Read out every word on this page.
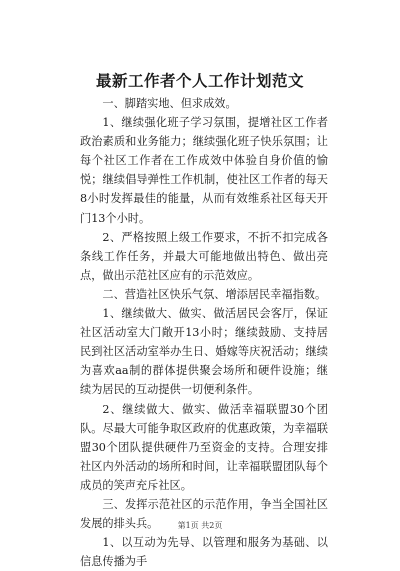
最新工作者个人工作计划范文

一、脚踏实地、但求成效。

1、继续强化班子学习氛围，提增社区工作者政治素质和业务能力；继续强化班子快乐氛围；让每个社区工作者在工作成效中体验自身价值的愉悦；继续倡导弹性工作机制，使社区工作者的每天8小时发挥最佳的能量，从而有效维系社区每天开门13个小时。

2、严格按照上级工作要求，不折不扣完成各条线工作任务，并最大可能地做出特色、做出亮点，做出示范社区应有的示范效应。

二、营造社区快乐气氛、增添居民幸福指数。

1、继续做大、做实、做活居民会客厅，保证社区活动室大门敞开13小时；继续鼓励、支持居民到社区活动室举办生日、婚嫁等庆祝活动；继续为喜欢aa制的群体提供聚会场所和硬件设施；继续为居民的互动提供一切便利条件。

2、继续做大、做实、做活幸福联盟30个团队。尽最大可能争取区政府的优惠政策，为幸福联盟30个团队提供硬件乃至资金的支持。合理安排社区内外活动的场所和时间，让幸福联盟团队每个成员的笑声充斥社区。

三、发挥示范社区的示范作用，争当全国社区发展的排头兵。

1、以互动为先导、以管理和服务为基础、以信息传播为手

第1页 共2页
